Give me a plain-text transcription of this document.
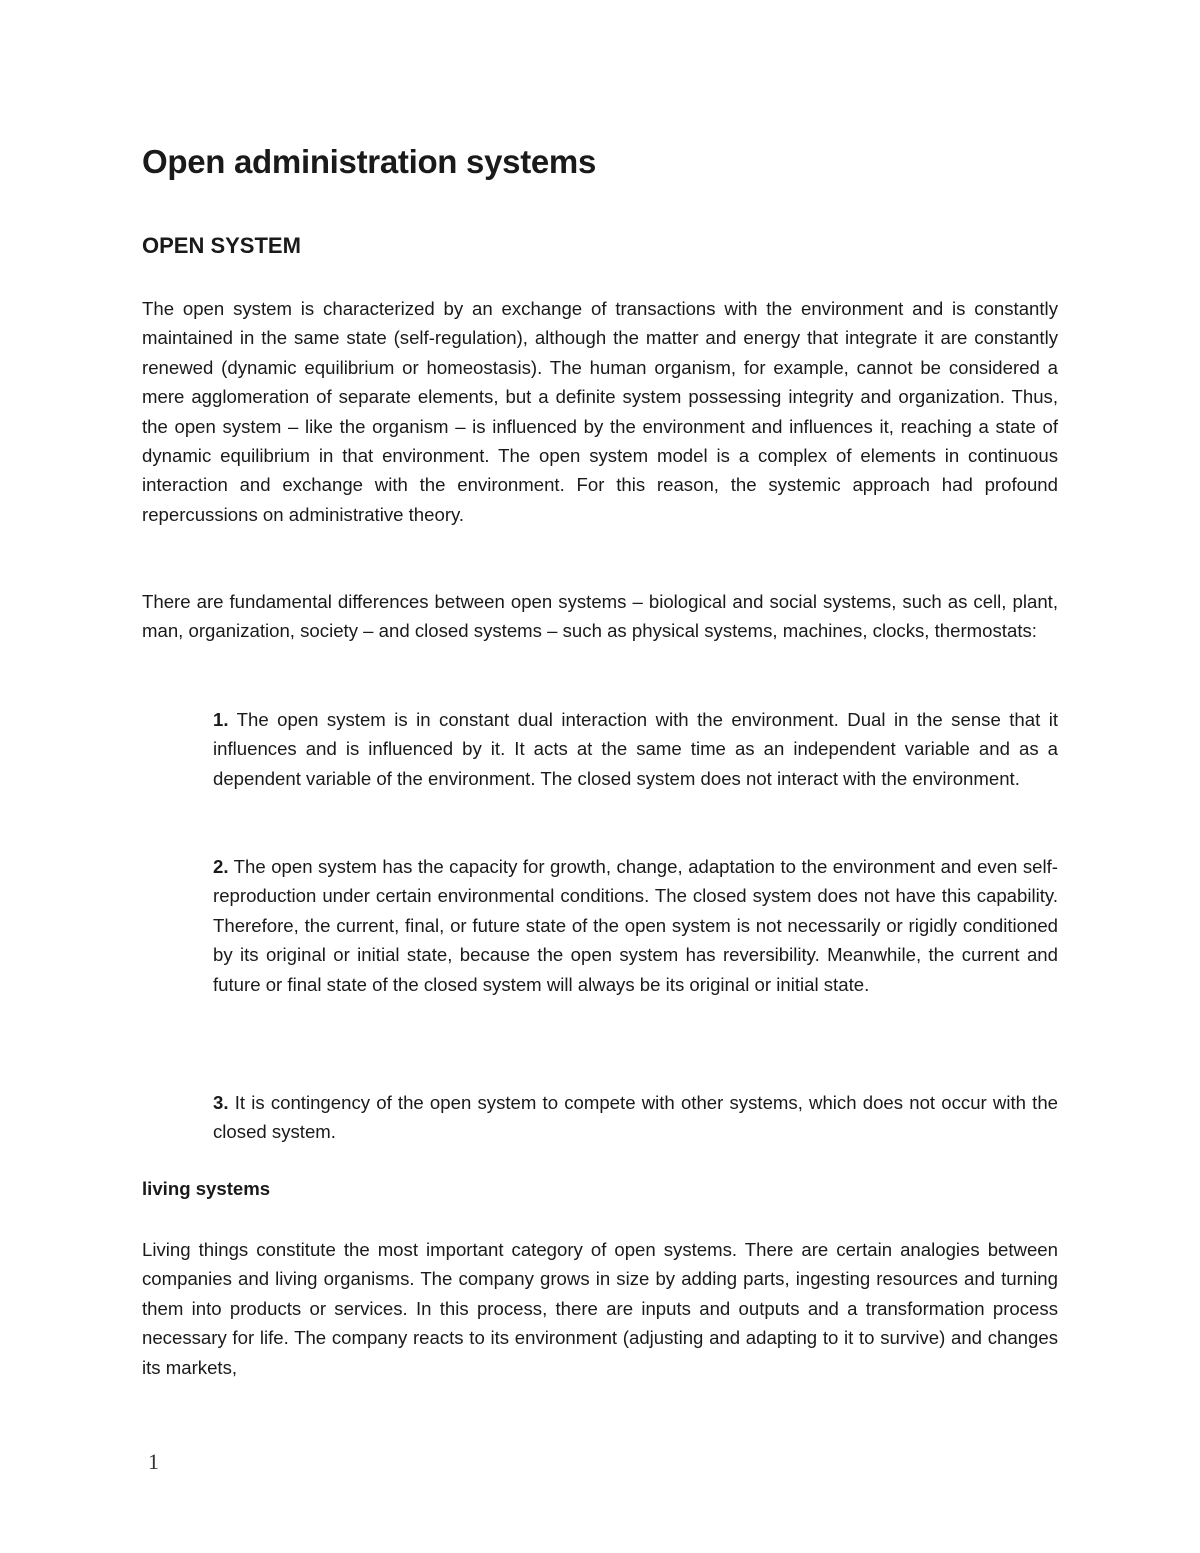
Open administration systems
OPEN SYSTEM

The open system is characterized by an exchange of transactions with the environment and is constantly maintained in the same state (self-regulation), although the matter and energy that integrate it are constantly renewed (dynamic equilibrium or homeostasis). The human organism, for example, cannot be considered a mere agglomeration of separate elements, but a definite system possessing integrity and organization. Thus, the open system – like the organism – is influenced by the environment and influences it, reaching a state of dynamic equilibrium in that environment. The open system model is a complex of elements in continuous interaction and exchange with the environment. For this reason, the systemic approach had profound repercussions on administrative theory.

There are fundamental differences between open systems – biological and social systems, such as cell, plant, man, organization, society – and closed systems – such as physical systems, machines, clocks, thermostats:

1. The open system is in constant dual interaction with the environment. Dual in the sense that it influences and is influenced by it. It acts at the same time as an independent variable and as a dependent variable of the environment. The closed system does not interact with the environment.

2. The open system has the capacity for growth, change, adaptation to the environment and even self-reproduction under certain environmental conditions. The closed system does not have this capability. Therefore, the current, final, or future state of the open system is not necessarily or rigidly conditioned by its original or initial state, because the open system has reversibility. Meanwhile, the current and future or final state of the closed system will always be its original or initial state.

3. It is contingency of the open system to compete with other systems, which does not occur with the closed system.

living systems

Living things constitute the most important category of open systems. There are certain analogies between companies and living organisms. The company grows in size by adding parts, ingesting resources and turning them into products or services. In this process, there are inputs and outputs and a transformation process necessary for life. The company reacts to its environment (adjusting and adapting to it to survive) and changes its markets,

1
